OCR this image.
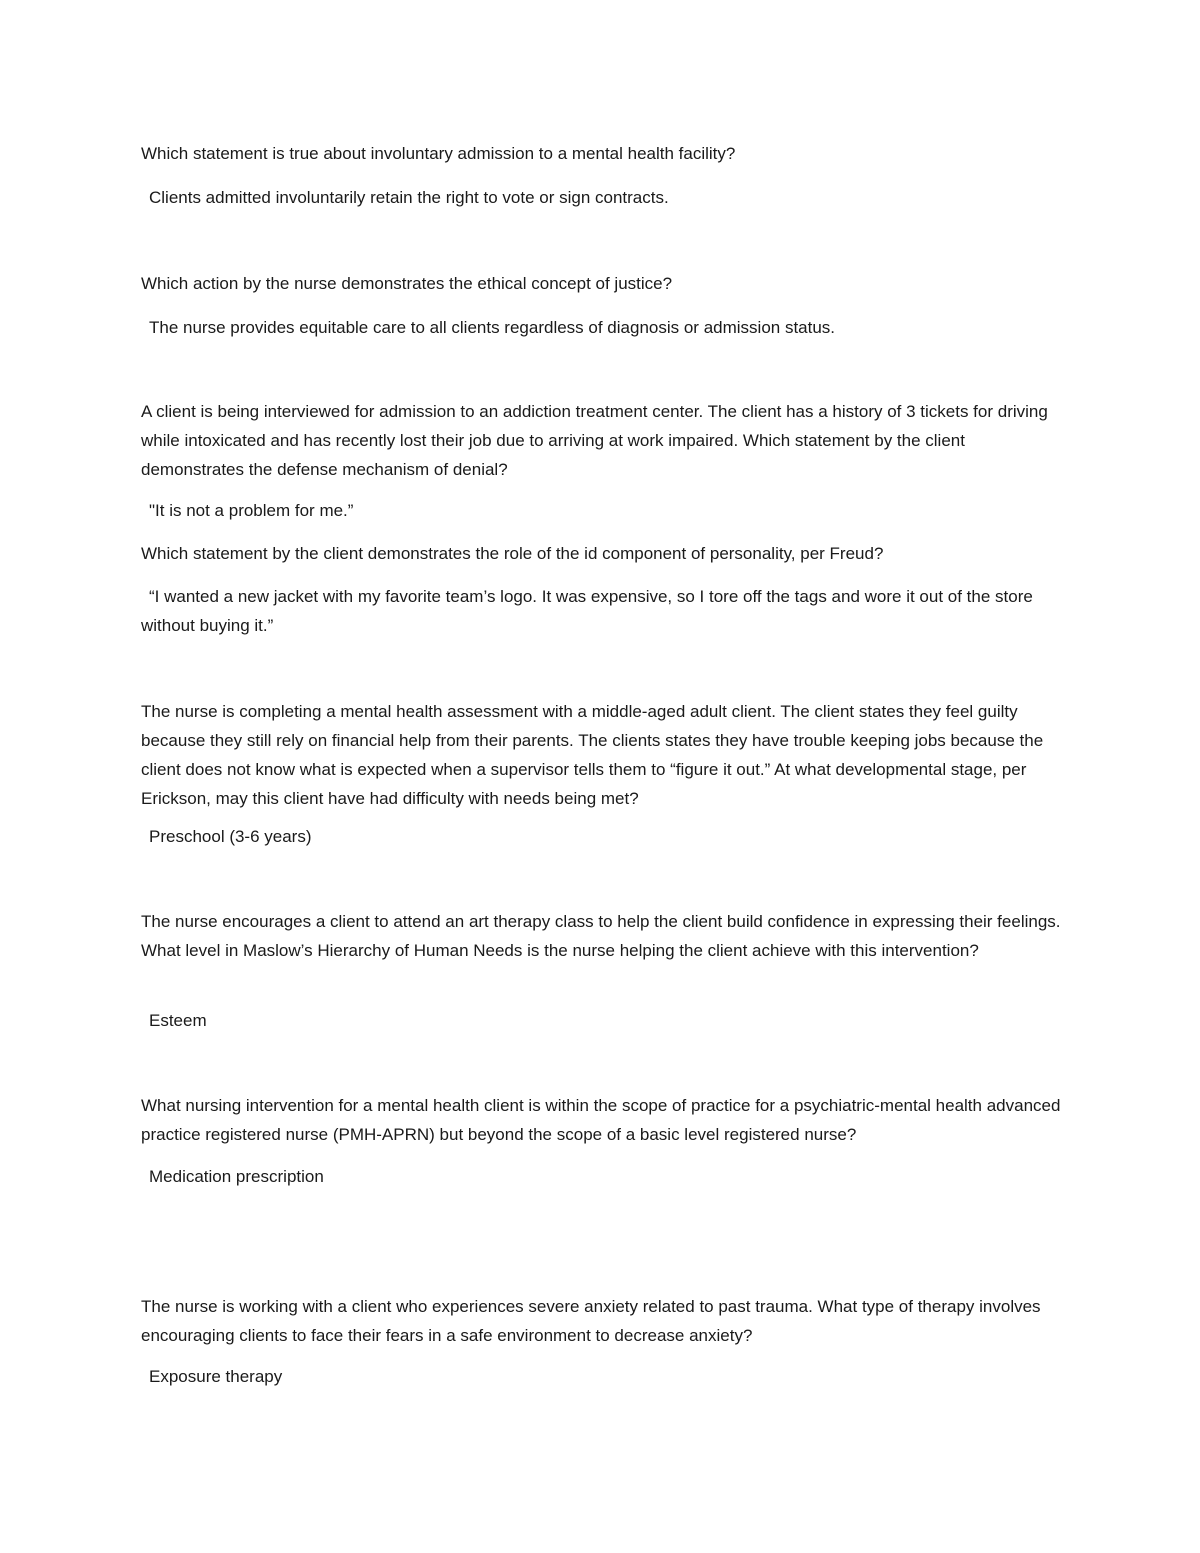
Which statement is true about involuntary admission to a mental health facility?

Clients admitted involuntarily retain the right to vote or sign contracts.

Which action by the nurse demonstrates the ethical concept of justice?

The nurse provides equitable care to all clients regardless of diagnosis or admission status.

A client is being interviewed for admission to an addiction treatment center. The client has a history of 3 tickets for driving while intoxicated and has recently lost their job due to arriving at work impaired. Which statement by the client demonstrates the defense mechanism of denial?

"It is not a problem for me.”

Which statement by the client demonstrates the role of the id component of personality, per Freud?

“I wanted a new jacket with my favorite team’s logo. It was expensive, so I tore off the tags and wore it out of the store without buying it.”

The nurse is completing a mental health assessment with a middle-aged adult client. The client states they feel guilty because they still rely on financial help from their parents. The clients states they have trouble keeping jobs because the client does not know what is expected when a supervisor tells them to “figure it out.” At what developmental stage, per Erickson, may this client have had difficulty with needs being met?

Preschool (3-6 years)

The nurse encourages a client to attend an art therapy class to help the client build confidence in expressing their feelings. What level in Maslow’s Hierarchy of Human Needs is the nurse helping the client achieve with this intervention?

Esteem

What nursing intervention for a mental health client is within the scope of practice for a psychiatric-mental health advanced practice registered nurse (PMH-APRN) but beyond the scope of a basic level registered nurse?

Medication prescription

The nurse is working with a client who experiences severe anxiety related to past trauma. What type of therapy involves encouraging clients to face their fears in a safe environment to decrease anxiety?

Exposure therapy
